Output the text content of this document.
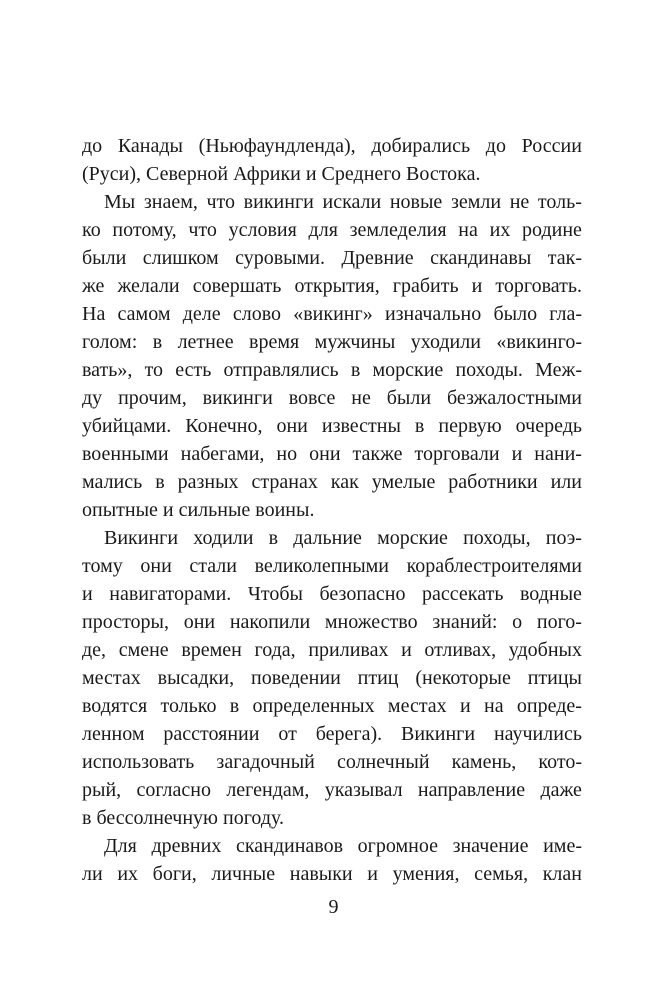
до Канады (Ньюфаундленда), добирались до России
(Руси), Северной Африки и Среднего Востока.
Мы знаем, что викинги искали новые земли не толь-
ко потому, что условия для земледелия на их родине
были слишком суровыми. Древние скандинавы так-
же желали совершать открытия, грабить и торговать.
На самом деле слово «викинг» изначально было гла-
голом: в летнее время мужчины уходили «викинго-
вать», то есть отправлялись в морские походы. Меж-
ду прочим, викинги вовсе не были безжалостными
убийцами. Конечно, они известны в первую очередь
военными набегами, но они также торговали и нани-
мались в разных странах как умелые работники или
опытные и сильные воины.
Викинги ходили в дальние морские походы, поэ-
тому они стали великолепными кораблестроителями
и навигаторами. Чтобы безопасно рассекать водные
просторы, они накопили множество знаний: о пого-
де, смене времен года, приливах и отливах, удобных
местах высадки, поведении птиц (некоторые птицы
водятся только в определенных местах и на опреде-
ленном расстоянии от берега). Викинги научились
использовать загадочный солнечный камень, кото-
рый, согласно легендам, указывал направление даже
в бессолнечную погоду.
Для древних скандинавов огромное значение име-
ли их боги, личные навыки и умения, семья, клан
9
